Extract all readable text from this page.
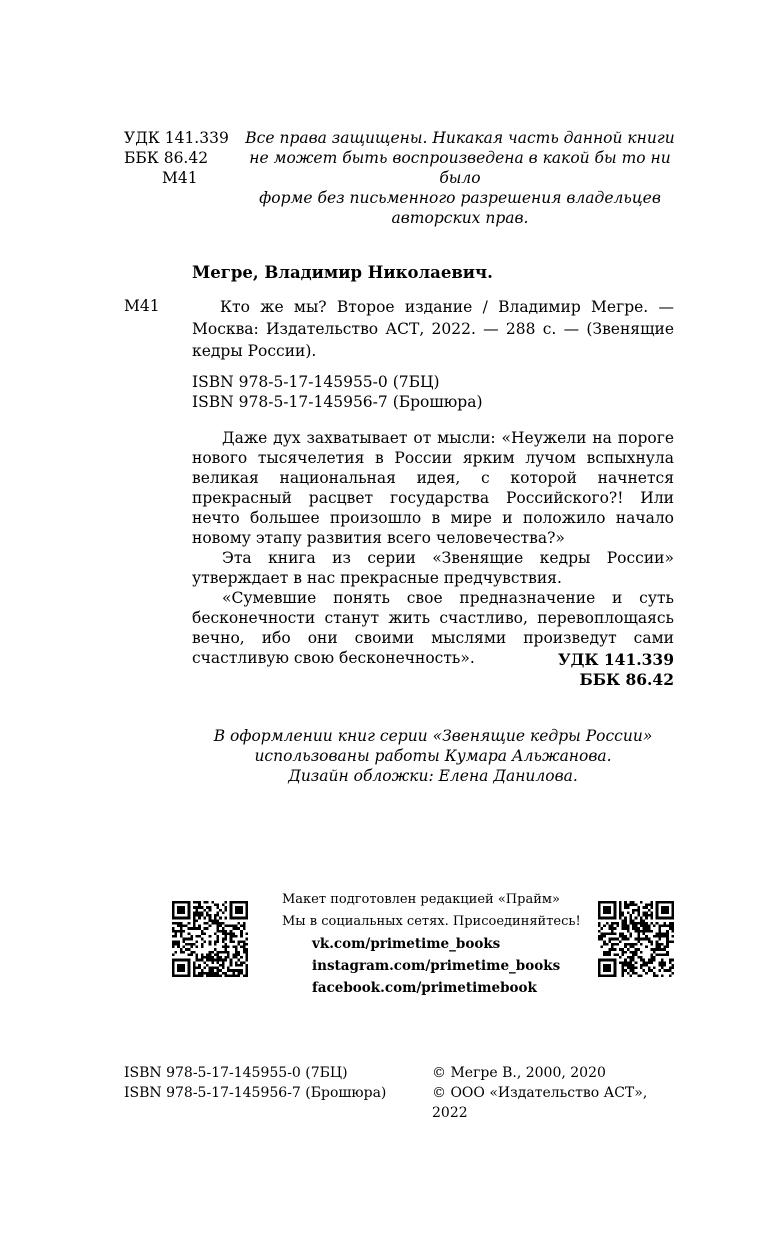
УДК 141.339
ББК 86.42
М41
Все права защищены. Никакая часть данной книги
не может быть воспроизведена в какой бы то ни было
форме без письменного разрешения владельцев
авторских прав.
Мегре, Владимир Николаевич.
М41	Кто же мы? Второе издание / Владимир Мегре. — Москва: Издательство АСТ, 2022. — 288 с. — (Звенящие кедры России).
ISBN 978-5-17-145955-0 (7БЦ)
ISBN 978-5-17-145956-7 (Брошюра)

Даже дух захватывает от мысли: «Неужели на пороге нового тысячелетия в России ярким лучом вспыхнула великая национальная идея, с которой начнется прекрасный расцвет государства Российского?! Или нечто большее произошло в мире и положило начало новому этапу развития всего человечества?»

Эта книга из серии «Звенящие кедры России» утверждает в нас прекрасные предчувствия.

«Сумевшие понять свое предназначение и суть бесконечности станут жить счастливо, перевоплощаясь вечно, ибо они своими мыслями произведут сами счастливую свою бесконечность».	УДК 141.339
ББК 86.42
В оформлении книг серии «Звенящие кедры России»
использованы работы Кумара Альжанова.
Дизайн обложки: Елена Данилова.
Макет подготовлен редакцией «Прайм»
Мы в социальных сетях. Присоединяйтесь!
vk.com/primetime_books
instagram.com/primetime_books
facebook.com/primetimebook
ISBN 978-5-17-145955-0 (7БЦ)
ISBN 978-5-17-145956-7 (Брошюра)
© Мегре В., 2000, 2020
© ООО «Издательство АСТ», 2022
